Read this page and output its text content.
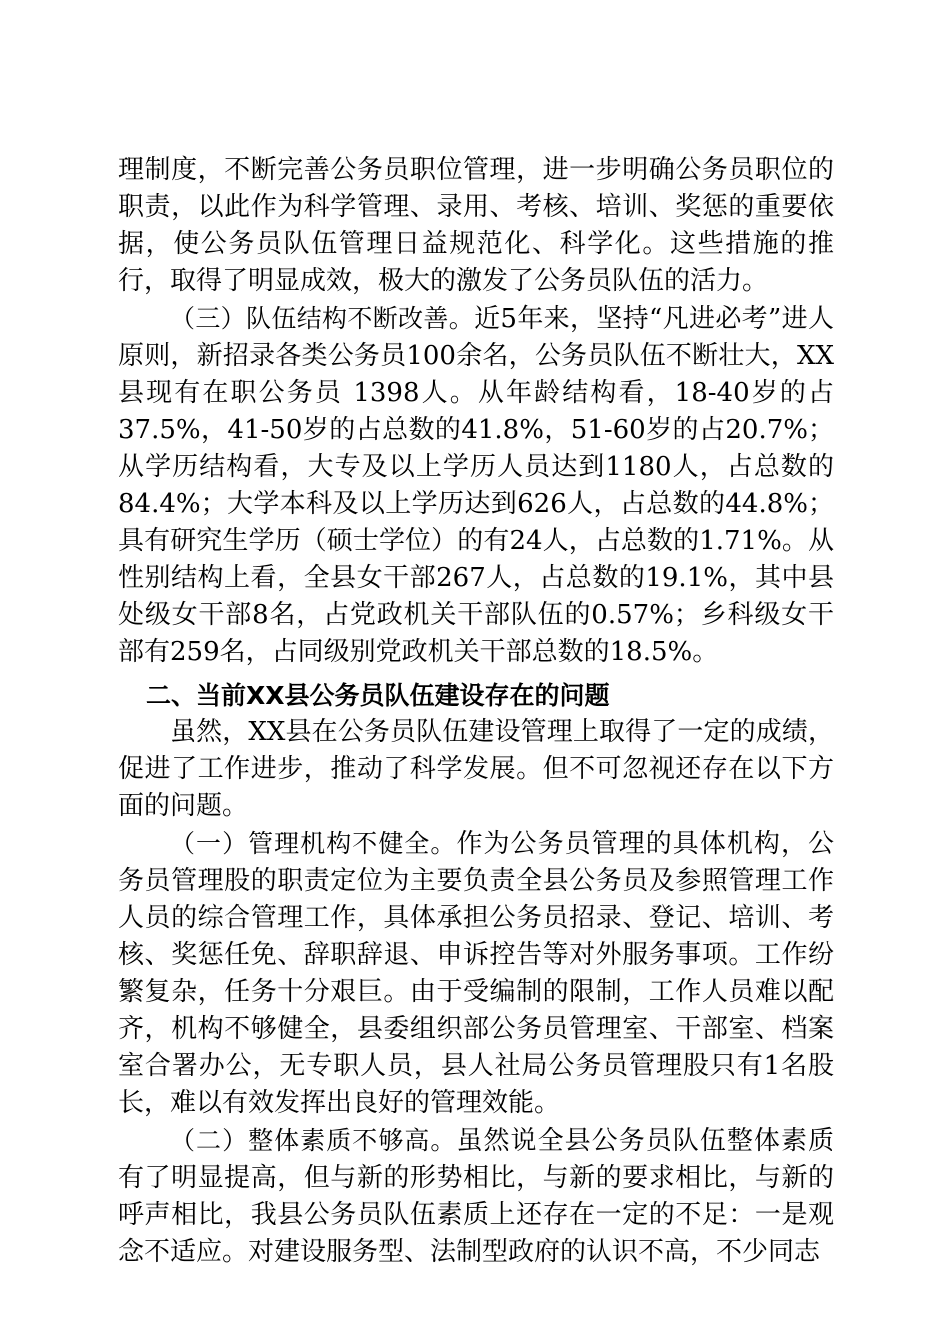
理制度，不断完善公务员职位管理，进一步明确公务员职位的职责，以此作为科学管理、录用、考核、培训、奖惩的重要依据，使公务员队伍管理日益规范化、科学化。这些措施的推行，取得了明显成效，极大的激发了公务员队伍的活力。

（三）队伍结构不断改善。近5年来，坚持“凡进必考”进人原则，新招录各类公务员100余名，公务员队伍不断壮大，XX县现有在职公务员 1398人。从年龄结构看，18-40岁的占37.5%，41-50岁的占总数的41.8%，51-60岁的占20.7%；从学历结构看，大专及以上学历人员达到1180人，占总数的84.4%；大学本科及以上学历达到626人，占总数的44.8%；具有研究生学历（硕士学位）的有24人，占总数的1.71%。从性别结构上看，全县女干部267人，占总数的19.1%，其中县处级女干部8名，占党政机关干部队伍的0.57%；乡科级女干部有259名，占同级别党政机关干部总数的18.5%。

二、当前XX县公务员队伍建设存在的问题

虽然，XX县在公务员队伍建设管理上取得了一定的成绩，促进了工作进步，推动了科学发展。但不可忽视还存在以下方面的问题。

（一）管理机构不健全。作为公务员管理的具体机构，公务员管理股的职责定位为主要负责全县公务员及参照管理工作人员的综合管理工作，具体承担公务员招录、登记、培训、考核、奖惩任免、辞职辞退、申诉控告等对外服务事项。工作纷繁复杂，任务十分艰巨。由于受编制的限制，工作人员难以配齐，机构不够健全，县委组织部公务员管理室、干部室、档案室合署办公，无专职人员，县人社局公务员管理股只有1名股长，难以有效发挥出良好的管理效能。

（二）整体素质不够高。虽然说全县公务员队伍整体素质有了明显提高，但与新的形势相比，与新的要求相比，与新的呼声相比，我县公务员队伍素质上还存在一定的不足：一是观念不适应。对建设服务型、法制型政府的认识不高，不少同志
